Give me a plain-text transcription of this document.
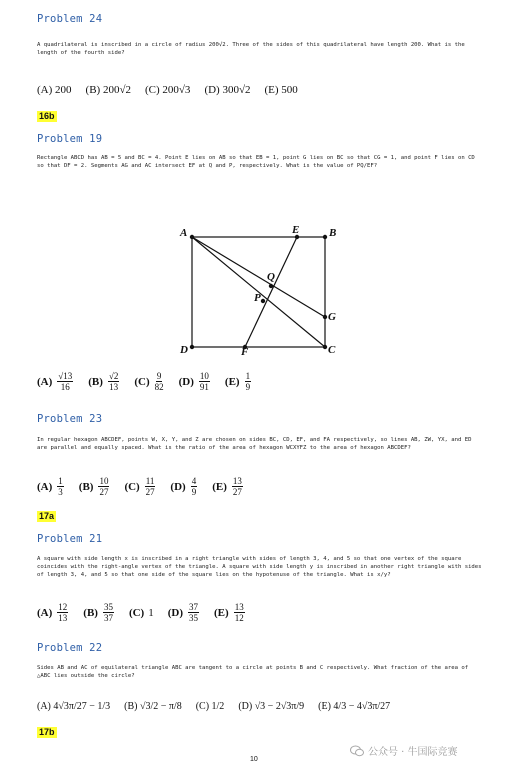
Problem 24
A quadrilateral is inscribed in a circle of radius 200√2. Three of the sides of this quadrilateral have length 200. What is the length of the fourth side?
(A) 200 (B) 200√2 (C) 200√3 (D) 300√2 (E) 500
16b
Problem 19
Rectangle ABCD has AB = 5 and BC = 4. Point E lies on AB so that EB = 1, point G lies on BC so that CG = 1, and point F lies on CD so that DF = 2. Segments AG and AC intersect EF at Q and P, respectively. What is the value of PQ/EF?
A	E	B
Q
P
G
D	F	C
$(A) \frac{√13}{16} (B) \frac{√2}{13} (C) \frac{9}{82} (D) \frac{10}{91} (E) \frac{1}{9}$
Problem 23
In regular hexagon ABCDEF, points W, X, Y, and Z are chosen on sides BC, CD, EF, and FA respectively, so lines AB, ZW, YX, and ED are parallel and equally spaced. What is the ratio of the area of hexagon WCXYFZ to the area of hexagon ABCDEF?
$(A) \frac{1}{3} (B) \frac{10}{27} (C) \frac{11}{27} (D) \frac{4}{9} (E) \frac{13}{27}$
17a
Problem 21
A square with side length x is inscribed in a right triangle with sides of length 3, 4, and 5 so that one vertex of the square coincides with the right-angle vertex of the triangle. A square with side length y is inscribed in another right triangle with sides of length 3, 4, and 5 so that one side of the square lies on the hypotenuse of the triangle. What is x/y?
$(A) \frac{12}{13} (B) \frac{35}{37} (C)$ 1 $(D) \frac{37}{35} (E) \frac{13}{12}$
Problem 22
Sides AB and AC of equilateral triangle ABC are tangent to a circle at points B and C respectively. What fraction of the area of △ABC lies outside the circle?
(A) 4√3π/27 − 1/3 (B) √3/2 − π/8 (C) 1/2 (D) √3 − 2√3π/9 (E) 4/3 − 4√3π/27
17b
10
公众号 · 牛国际竞赛
